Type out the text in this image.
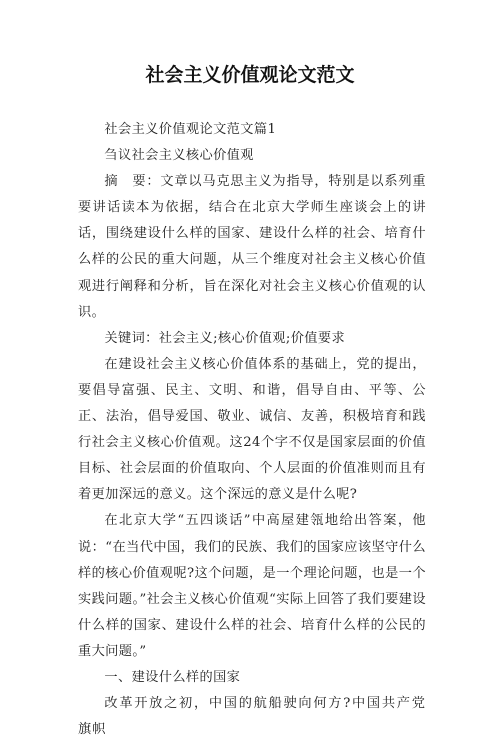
社会主义价值观论文范文

社会主义价值观论文范文篇1

刍议社会主义核心价值观

摘　要：文章以马克思主义为指导，特别是以系列重要讲话读本为依据，结合在北京大学师生座谈会上的讲话，围绕建设什么样的国家、建设什么样的社会、培育什么样的公民的重大问题，从三个维度对社会主义核心价值观进行阐释和分析，旨在深化对社会主义核心价值观的认识。

关键词：社会主义;核心价值观;价值要求

在建设社会主义核心价值体系的基础上，党的提出，要倡导富强、民主、文明、和谐，倡导自由、平等、公正、法治，倡导爱国、敬业、诚信、友善，积极培育和践行社会主义核心价值观。这24个字不仅是国家层面的价值目标、社会层面的价值取向、个人层面的价值准则而且有着更加深远的意义。这个深远的意义是什么呢?

在北京大学“五四谈话”中高屋建瓴地给出答案，他说：“在当代中国，我们的民族、我们的国家应该坚守什么样的核心价值观呢?这个问题，是一个理论问题，也是一个实践问题。”社会主义核心价值观“实际上回答了我们要建设什么样的国家、建设什么样的社会、培育什么样的公民的重大问题。”

一、建设什么样的国家

改革开放之初，中国的航船驶向何方?中国共产党旗帜
